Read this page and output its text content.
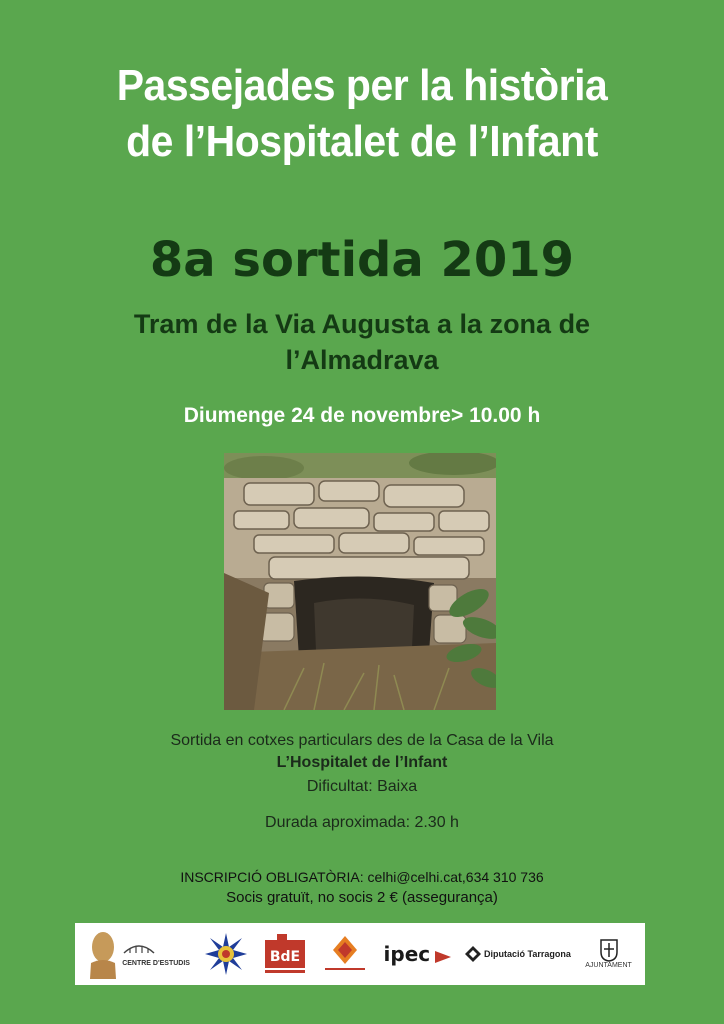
Passejades per la història
de l’Hospitalet de l’Infant
8a sortida 2019
Tram de la Via Augusta a la zona de
l’Almadrava
Diumenge 24 de novembre> 10.00 h
Sortida en cotxes particulars des de la Casa de la Vila
L’Hospitalet de l’Infant
Dificultat: Baixa
Durada aproximada: 2.30 h
INSCRIPCIÓ OBLIGATÒRIA: celhi@celhi.cat,634 310 736
Socis gratuït, no socis 2 € (assegurança)
CENTRE D'ESTUDIS	BdE	ipec	Diputació Tarragona
AJUNTAMENT
